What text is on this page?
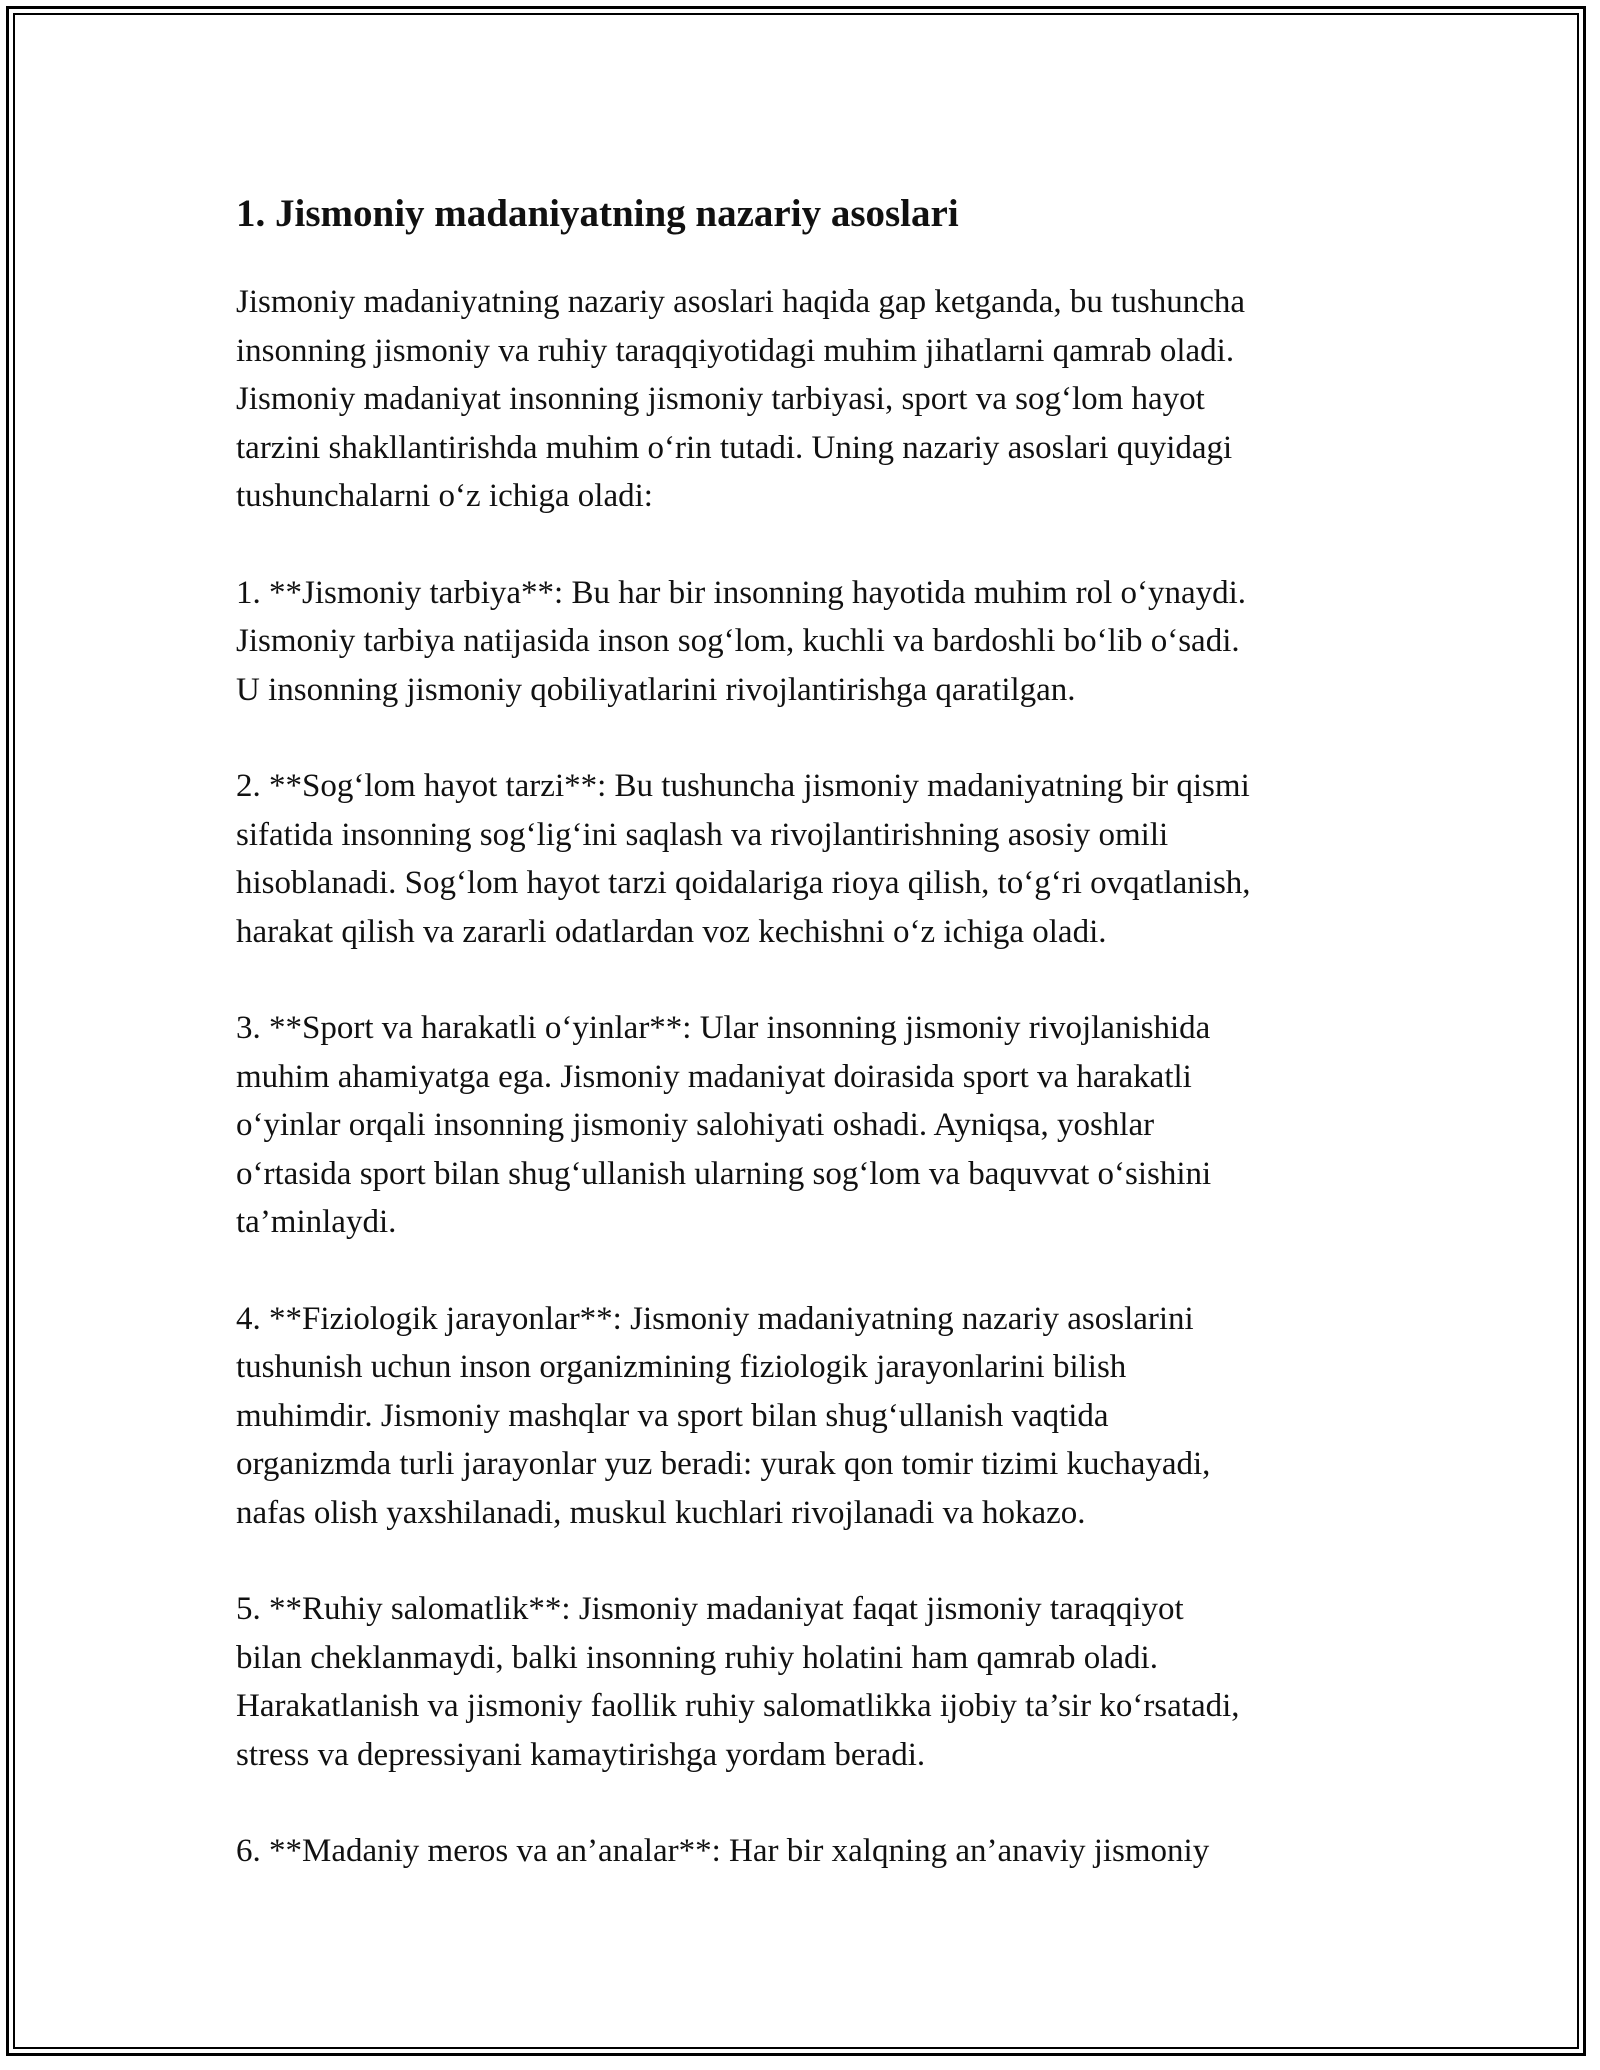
1. Jismoniy madaniyatning nazariy asoslari
Jismoniy madaniyatning nazariy asoslari haqida gap ketganda, bu tushuncha
insonning jismoniy va ruhiy taraqqiyotidagi muhim jihatlarni qamrab oladi.
Jismoniy madaniyat insonning jismoniy tarbiyasi, sport va sog‘lom hayot
tarzini shakllantirishda muhim o‘rin tutadi. Uning nazariy asoslari quyidagi
tushunchalarni o‘z ichiga oladi:
1. **Jismoniy tarbiya**: Bu har bir insonning hayotida muhim rol o‘ynaydi.
Jismoniy tarbiya natijasida inson sog‘lom, kuchli va bardoshli bo‘lib o‘sadi.
U insonning jismoniy qobiliyatlarini rivojlantirishga qaratilgan.
2. **Sog‘lom hayot tarzi**: Bu tushuncha jismoniy madaniyatning bir qismi
sifatida insonning sog‘lig‘ini saqlash va rivojlantirishning asosiy omili
hisoblanadi. Sog‘lom hayot tarzi qoidalariga rioya qilish, to‘g‘ri ovqatlanish,
harakat qilish va zararli odatlardan voz kechishni o‘z ichiga oladi.
3. **Sport va harakatli o‘yinlar**: Ular insonning jismoniy rivojlanishida
muhim ahamiyatga ega. Jismoniy madaniyat doirasida sport va harakatli
o‘yinlar orqali insonning jismoniy salohiyati oshadi. Ayniqsa, yoshlar
o‘rtasida sport bilan shug‘ullanish ularning sog‘lom va baquvvat o‘sishini
ta’minlaydi.
4. **Fiziologik jarayonlar**: Jismoniy madaniyatning nazariy asoslarini
tushunish uchun inson organizmining fiziologik jarayonlarini bilish
muhimdir. Jismoniy mashqlar va sport bilan shug‘ullanish vaqtida
organizmda turli jarayonlar yuz beradi: yurak qon tomir tizimi kuchayadi,
nafas olish yaxshilanadi, muskul kuchlari rivojlanadi va hokazo.
5. **Ruhiy salomatlik**: Jismoniy madaniyat faqat jismoniy taraqqiyot
bilan cheklanmaydi, balki insonning ruhiy holatini ham qamrab oladi.
Harakatlanish va jismoniy faollik ruhiy salomatlikka ijobiy ta’sir ko‘rsatadi,
stress va depressiyani kamaytirishga yordam beradi.
6. **Madaniy meros va an’analar**: Har bir xalqning an’anaviy jismoniy
